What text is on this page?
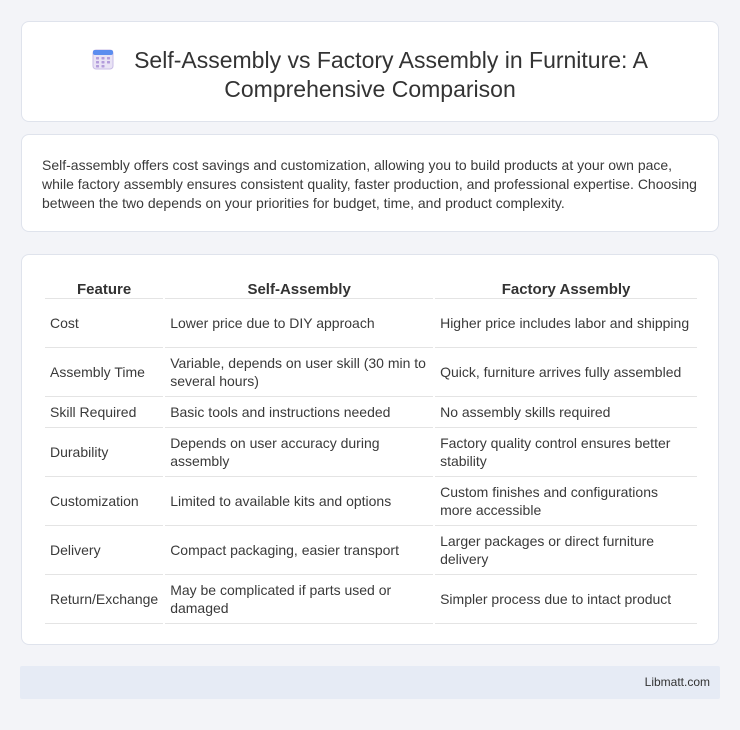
Self-Assembly vs Factory Assembly in Furniture: A Comprehensive Comparison

Self-assembly offers cost savings and customization, allowing you to build products at your own pace, while factory assembly ensures consistent quality, faster production, and professional expertise. Choosing between the two depends on your priorities for budget, time, and product complexity.

Feature	Self-Assembly	Factory Assembly
Cost	Lower price due to DIY approach	Higher price includes labor and shipping
Assembly Time	Variable, depends on user skill (30 min to several hours)	Quick, furniture arrives fully assembled
Skill Required	Basic tools and instructions needed	No assembly skills required
Durability	Depends on user accuracy during assembly	Factory quality control ensures better stability
Customization	Limited to available kits and options	Custom finishes and configurations more accessible
Delivery	Compact packaging, easier transport	Larger packages or direct furniture delivery
Return/Exchange	May be complicated if parts used or damaged	Simpler process due to intact product
Libmatt.com
